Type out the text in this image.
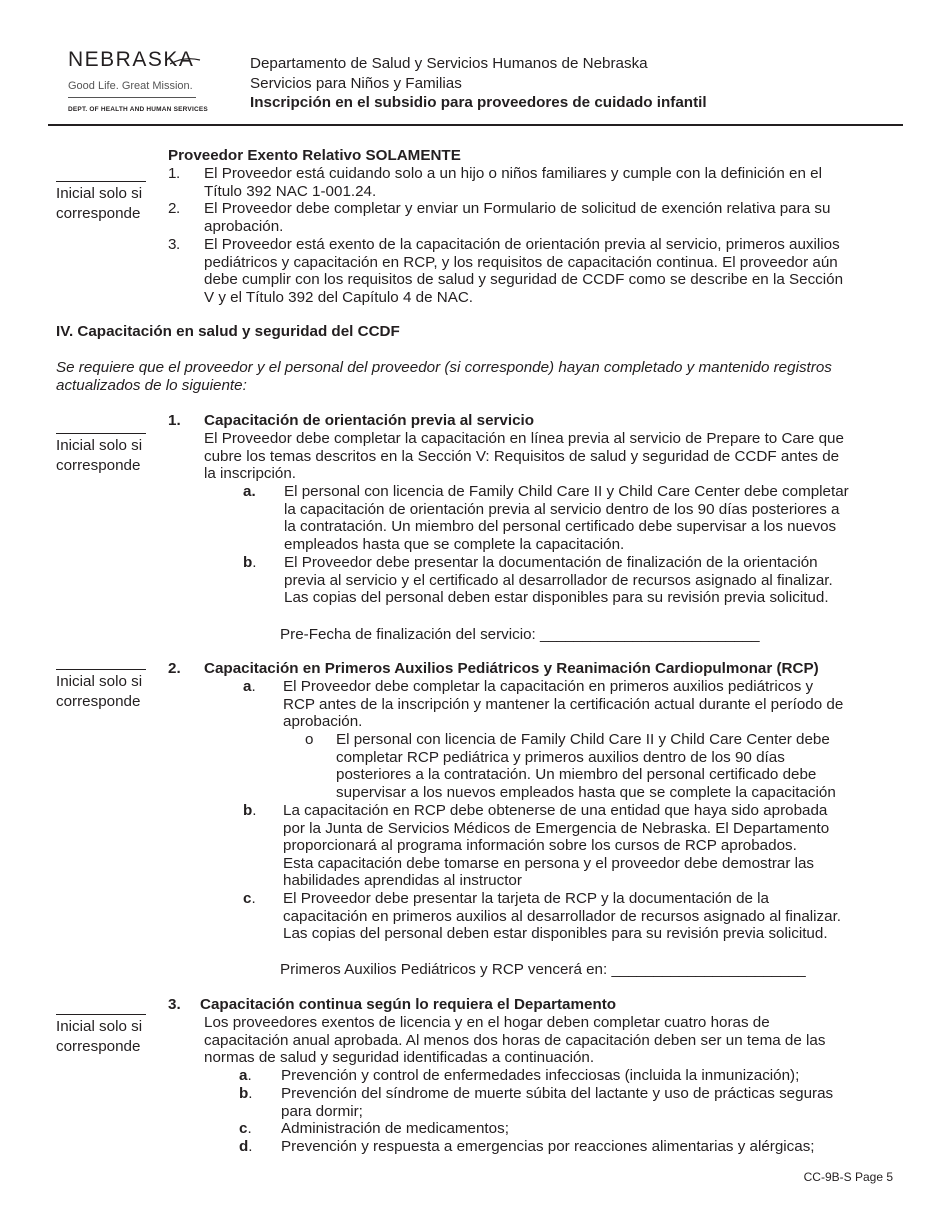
NEBRASKA
Good Life. Great Mission.
DEPT. OF HEALTH AND HUMAN SERVICES
Departamento de Salud y Servicios Humanos de Nebraska
Servicios para Niños y Familias
Inscripción en el subsidio para proveedores de cuidado infantil
Inicial solo si
corresponde
Proveedor Exento Relativo SOLAMENTE
1 . El Proveedor está cuidando solo a un hijo o niños familiares y cumple con la definición en el
Título 392 NAC 1-001.24.
2 . El Proveedor debe completar y enviar un Formulario de solicitud de exención relativa para su
aprobación.
3 . El Proveedor está exento de la capacitación de orientación previa al servicio, primeros auxilios
pediátricos y capacitación en RCP, y los requisitos de capacitación continua. El proveedor aún
debe cumplir con los requisitos de salud y seguridad de CCDF como se describe en la Sección
V y el Título 392 del Capítulo 4 de NAC.
IV. Capacitación en salud y seguridad del CCDF
Se requiere que el proveedor y el personal del proveedor (si corresponde) hayan completado y mantenido registros
actualizados de lo siguiente:
Inicial solo si
corresponde
1. Capacitación de orientación previa al servicio
El Proveedor debe completar la capacitación en línea previa al servicio de Prepare to Care que
cubre los temas descritos en la Sección V: Requisitos de salud y seguridad de CCDF antes de
la inscripción.
a. El personal con licencia de Family Child Care II y Child Care Center debe completar
la capacitación de orientación previa al servicio dentro de los 90 días posteriores a
la contratación. Un miembro del personal certificado debe supervisar a los nuevos
empleados hasta que se complete la capacitación.
b. El Proveedor debe presentar la documentación de finalización de la orientación
previa al servicio y el certificado al desarrollador de recursos asignado al finalizar.
Las copias del personal deben estar disponibles para su revisión previa solicitud.
Pre-Fecha de finalización del servicio: __________________________
Inicial solo si
corresponde
2. Capacitación en Primeros Auxilios Pediátricos y Reanimación Cardiopulmonar (RCP)
a. El Proveedor debe completar la capacitación en primeros auxilios pediátricos y
RCP antes de la inscripción y mantener la certificación actual durante el período de
aprobación.
o El personal con licencia de Family Child Care II y Child Care Center debe
completar RCP pediátrica y primeros auxilios dentro de los 90 días
posteriores a la contratación. Un miembro del personal certificado debe
supervisar a los nuevos empleados hasta que se complete la capacitación
b. La capacitación en RCP debe obtenerse de una entidad que haya sido aprobada
por la Junta de Servicios Médicos de Emergencia de Nebraska. El Departamento
proporcionará al programa información sobre los cursos de RCP aprobados.
Esta capacitación debe tomarse en persona y el proveedor debe demostrar las
habilidades aprendidas al instructor
c. El Proveedor debe presentar la tarjeta de RCP y la documentación de la
capacitación en primeros auxilios al desarrollador de recursos asignado al finalizar.
Las copias del personal deben estar disponibles para su revisión previa solicitud.
Primeros Auxilios Pediátricos y RCP vencerá en: _______________________
Inicial solo si
corresponde
3. Capacitación continua según lo requiera el Departamento
Los proveedores exentos de licencia y en el hogar deben completar cuatro horas de
capacitación anual aprobada. Al menos dos horas de capacitación deben ser un tema de las
normas de salud y seguridad identificadas a continuación.
a. Prevención y control de enfermedades infecciosas (incluida la inmunización);
b. Prevención del síndrome de muerte súbita del lactante y uso de prácticas seguras
para dormir;
c. Administración de medicamentos;
d. Prevención y respuesta a emergencias por reacciones alimentarias y alérgicas;
CC-9B-S Page 5
